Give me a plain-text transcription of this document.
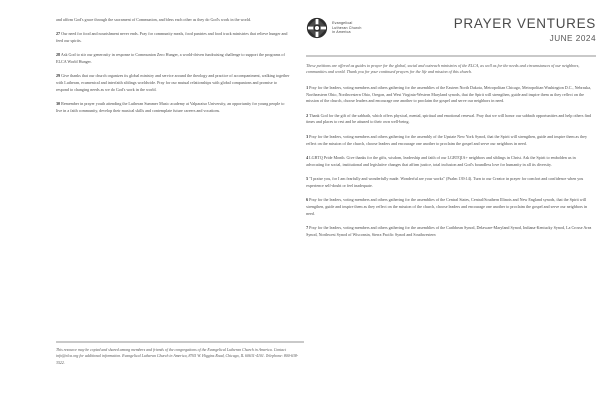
and affirm God's grace through the sacrament of Communion, and bless each other as they do God's work in the world.
27 Our need for food and nourishment never ends. Pray for community meals, food pantries and food truck ministries that relieve hunger and feed our spirits.
28 Ask God to stir our generosity in response to Communion Zero Hunger, a world-driven fundraising challenge to support the programs of ELCA World Hunger.
29 Give thanks that our church organizes its global ministry and service around the theology and practice of accompaniment, walking together with Lutheran, ecumenical and interfaith siblings worldwide. Pray for our mutual relationships with global companions and promise to respond to changing needs as we do God's work in the world.
30 Remember in prayer youth attending the Lutheran Summer Music academy at Valparaiso University, an opportunity for young people to live in a faith community, develop their musical skills and contemplate future careers and vocations.
Evangelical
Lutheran Church
in America
PRAYER VENTURES
JUNE 2024
These petitions are offered as guides to prayer for the global, social and outreach ministries of the ELCA, as well as for the needs and circumstances of our neighbors, communities and world. Thank you for your continued prayers for the life and mission of this church.
1 Pray for the leaders, voting members and others gathering for the assemblies of the Eastern North Dakota, Metropolitan Chicago, Metropolitan Washington D.C., Nebraska, Northeastern Ohio, Northwestern Ohio, Oregon, and West Virginia-Western Maryland synods, that the Spirit will strengthen, guide and inspire them as they reflect on the mission of the church, choose leaders and encourage one another to proclaim the gospel and serve our neighbors in need.
2 Thank God for the gift of the sabbath, which offers physical, mental, spiritual and emotional renewal. Pray that we will honor our sabbath opportunities and help others find times and places to rest and be attuned to their own well-being.
3 Pray for the leaders, voting members and others gathering for the assembly of the Upstate New York Synod, that the Spirit will strengthen, guide and inspire them as they reflect on the mission of the church, choose leaders and encourage one another to proclaim the gospel and serve our neighbors in need.
4 LGBTQ Pride Month. Give thanks for the gifts, wisdom, leadership and faith of our LGBTQIA+ neighbors and siblings in Christ. Ask the Spirit to embolden us in advocating for social, institutional and legislative changes that affirm justice, total inclusion and God's boundless love for humanity in all its diversity.
5 "I praise you, for I am fearfully and wonderfully made. Wonderful are your works" (Psalm 139:14). Turn to our Creator in prayer for comfort and confidence when you experience self-doubt or feel inadequate.
6 Pray for the leaders, voting members and others gathering for the assemblies of the Central States, Central/Southern Illinois and New England synods, that the Spirit will strengthen, guide and inspire them as they reflect on the mission of the church, choose leaders and encourage one another to proclaim the gospel and serve our neighbors in need.
7 Pray for the leaders, voting members and others gathering for the assemblies of the Caribbean Synod, Delaware-Maryland Synod, Indiana-Kentucky Synod, La Crosse Area Synod, Northwest Synod of Wisconsin, Sierra Pacific Synod and Southwestern
This resource may be copied and shared among members and friends of the congregations of the Evangelical Lutheran Church in America. Contact info@elca.org for additional information. Evangelical Lutheran Church in America, 8765 W. Higgins Road, Chicago, IL 60631-4101. Telephone: 800-638-3522.
